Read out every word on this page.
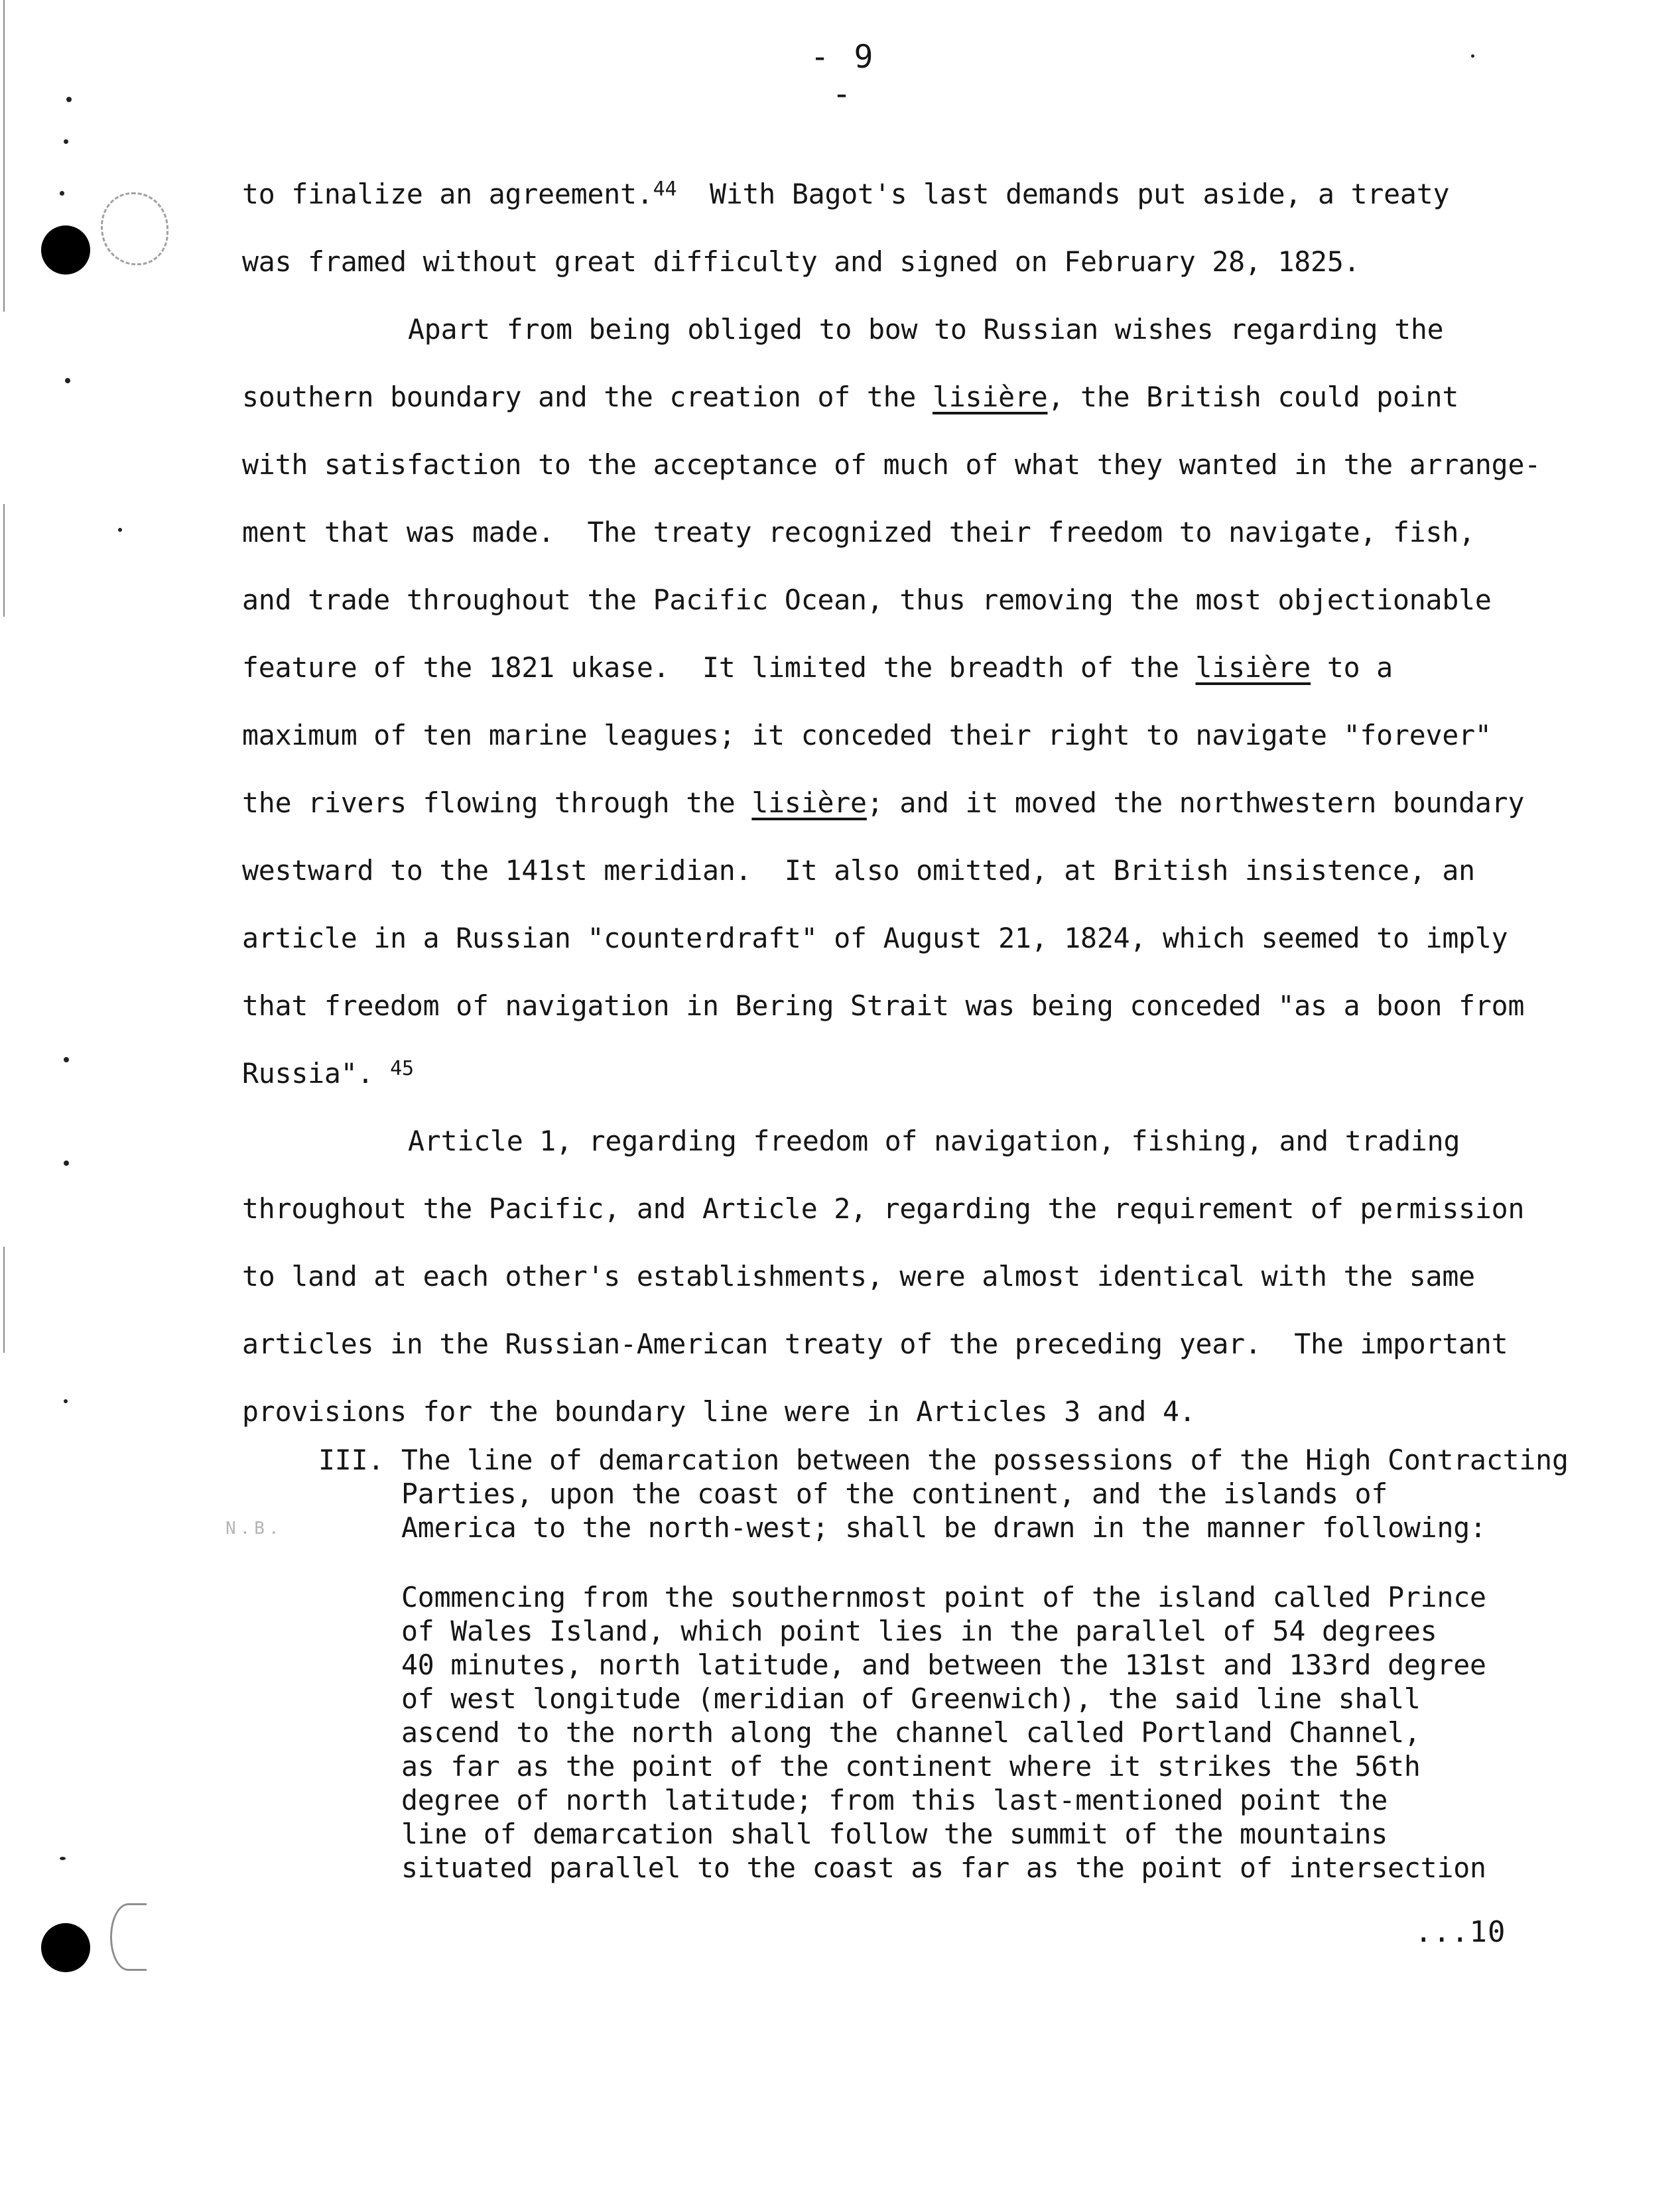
- 9 -
to finalize an agreement.$^{44}$  With Bagot's last demands put aside, a treaty
was framed without great difficulty and signed on February 28, 1825.
Apart from being obliged to bow to Russian wishes regarding the
southern boundary and the creation of the lisière, the British could point
with satisfaction to the acceptance of much of what they wanted in the arrange-
ment that was made.  The treaty recognized their freedom to navigate, fish,
and trade throughout the Pacific Ocean, thus removing the most objectionable
feature of the 1821 ukase.  It limited the breadth of the lisière to a
maximum of ten marine leagues; it conceded their right to navigate "forever"
the rivers flowing through the lisière; and it moved the northwestern boundary
westward to the 141st meridian.  It also omitted, at British insistence, an
article in a Russian "counterdraft" of August 21, 1824, which seemed to imply
that freedom of navigation in Bering Strait was being conceded "as a boon from
Russia". $^{45}$
Article 1, regarding freedom of navigation, fishing, and trading
throughout the Pacific, and Article 2, regarding the requirement of permission
to land at each other's establishments, were almost identical with the same
articles in the Russian-American treaty of the preceding year.  The important
provisions for the boundary line were in Articles 3 and 4.
III. The line of demarcation between the possessions of the High Contracting
Parties, upon the coast of the continent, and the islands of
America to the north-west; shall be drawn in the manner following:
N.B.
Commencing from the southernmost point of the island called Prince
of Wales Island, which point lies in the parallel of 54 degrees
40 minutes, north latitude, and between the 131st and 133rd degree
of west longitude (meridian of Greenwich), the said line shall
ascend to the north along the channel called Portland Channel,
as far as the point of the continent where it strikes the 56th
degree of north latitude; from this last-mentioned point the
line of demarcation shall follow the summit of the mountains
situated parallel to the coast as far as the point of intersection
...10
